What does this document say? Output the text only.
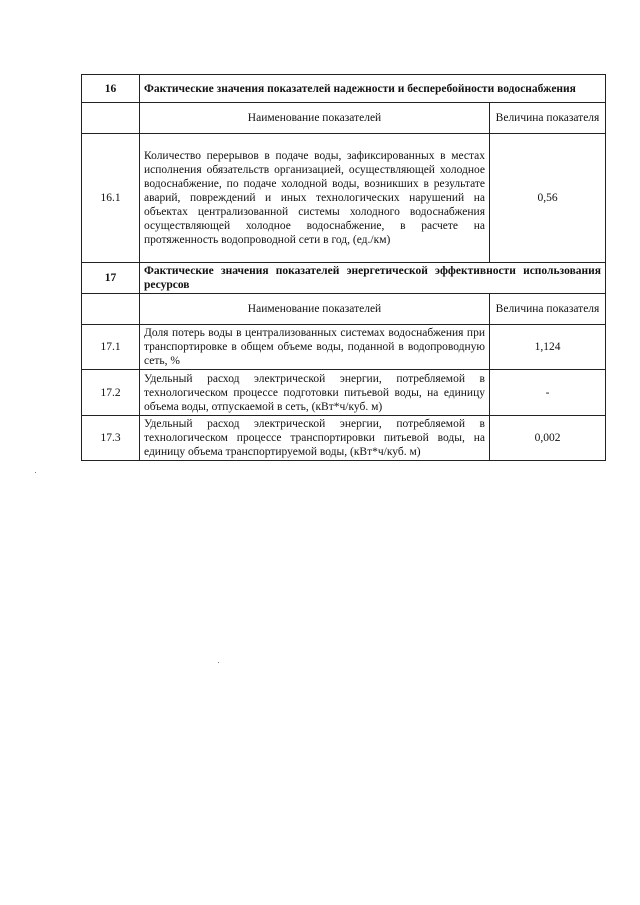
16	Фактические значения показателей надежности и бесперебойности водоснабжения	
	Наименование показателей	Величина показателя
16.1	Количество перерывов в подаче воды, зафиксированных в местах исполнения обязательств организацией, осуществляющей холодное водоснабжение, по подаче холодной воды, возникших в результате аварий, повреждений и иных технологических нарушений на объектах централизованной системы холодного водоснабжения осуществляющей холодное водоснабжение, в расчете на протяженность водопроводной сети в год, (ед./км)	0,56
17	Фактические значения показателей энергетической эффективности использования ресурсов	
	Наименование показателей	Величина показателя
17.1	Доля потерь воды в централизованных системах водоснабжения при транспортировке в общем объеме воды, поданной в водопроводную сеть, %	1,124
17.2	Удельный расход электрической энергии, потребляемой в технологическом процессе подготовки питьевой воды, на единицу объема воды, отпускаемой в сеть, (кВт*ч/куб. м)	-
17.3	Удельный расход электрической энергии, потребляемой в технологическом процессе транспортировки питьевой воды, на единицу объема транспортируемой воды, (кВт*ч/куб. м)	0,002
